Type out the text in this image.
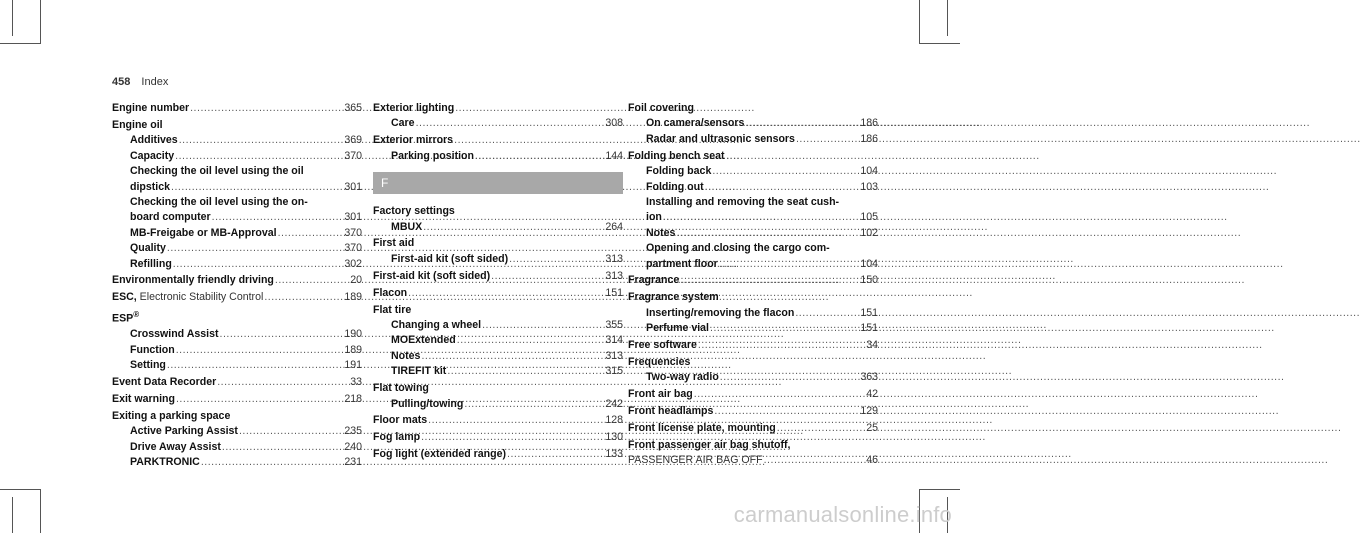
458 Index
Engine number .....	365
Engine oil
Additives .....	369
Capacity .....	370
Checking the oil level using the oil
dipstick .....	301
Checking the oil level using the on-
board computer .....	301
MB-Freigabe or MB-Approval .....	370
Quality .....	370
Refilling .....	302
Environmentally friendly driving .....	20
ESC, Electronic Stability Control .....	189
ESP®
Crosswind Assist .....	190
Function .....	189
Setting .....	191
Event Data Recorder .....	33
Exit warning .....	218
Exiting a parking space
Active Parking Assist .....	235
Drive Away Assist .....	240
PARKTRONIC .....	231
Exterior lighting
Care .....	308
Exterior mirrors
Parking position .....	144
F
Factory settings
MBUX .....	264
First aid
First-aid kit (soft sided) .....	313
First-aid kit (soft sided) .....	313
Flacon .....	151
Flat tire
Changing a wheel .....	355
MOExtended .....	314
Notes .....	313
TIREFIT kit .....	315
Flat towing
Pulling/towing .....	242
Floor mats .....	128
Fog lamp .....	130
Fog light (extended range) .....	133
Foil covering
On camera/sensors .....	186
Radar and ultrasonic sensors .....	186
Folding bench seat
Folding back .....	104
Folding out .....	103
Installing and removing the seat cush-
ion .....	105
Notes .....	102
Opening and closing the cargo com-
partment floor .....	104
Fragrance .....	150
Fragrance system
Inserting/removing the flacon .....	151
Perfume vial .....	151
Free software .....	34
Frequencies
Two-way radio .....	363
Front air bag .....	42
Front headlamps .....	129
Front license plate, mounting .....	25
Front passenger air bag shutoff,
PASSENGER AIR BAG OFF .....	46
carmanualsonline.info
